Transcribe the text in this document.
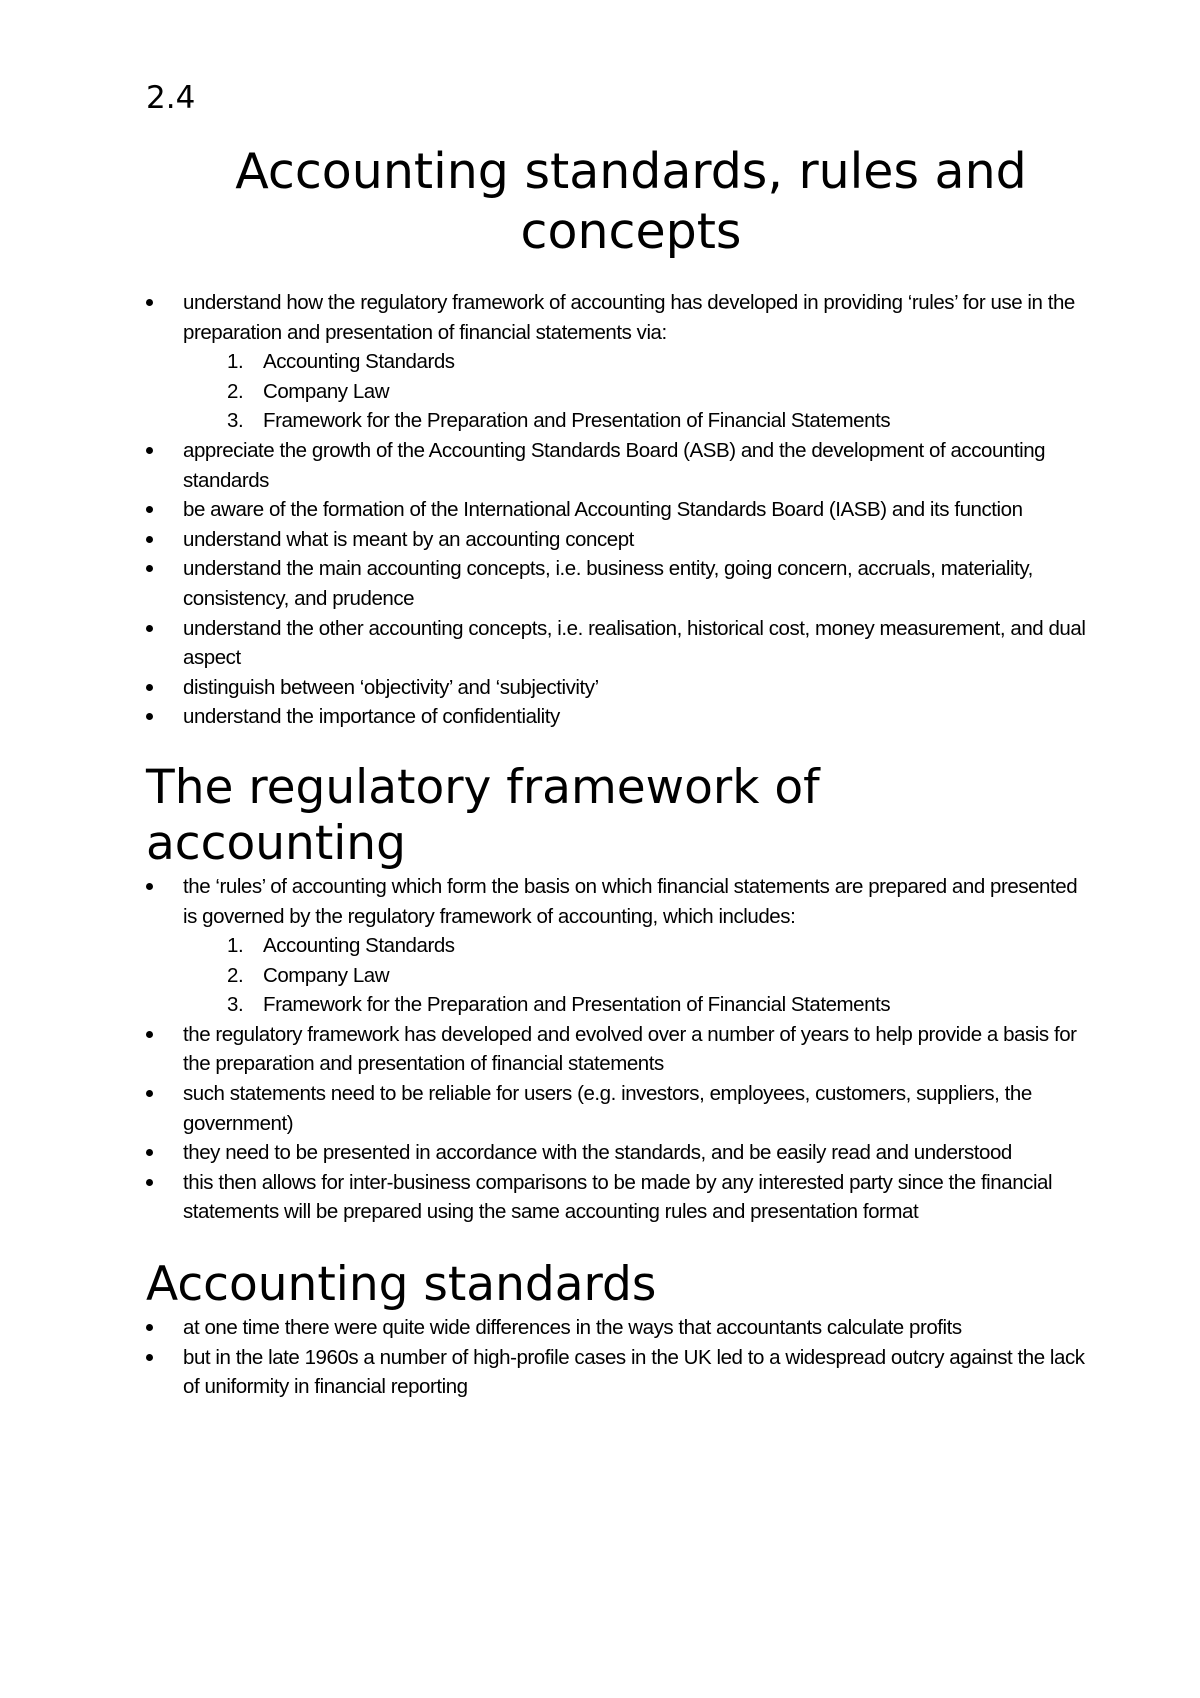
2.4
Accounting standards, rules and
concepts
understand how the regulatory framework of accounting has developed in providing ‘rules’ for use in the preparation and presentation of financial statements via:
1. Accounting Standards
2. Company Law
3. Framework for the Preparation and Presentation of Financial Statements
appreciate the growth of the Accounting Standards Board (ASB) and the development of accounting standards
be aware of the formation of the International Accounting Standards Board (IASB) and its function
understand what is meant by an accounting concept
understand the main accounting concepts, i.e. business entity, going concern, accruals, materiality, consistency, and prudence
understand the other accounting concepts, i.e. realisation, historical cost, money measurement, and dual aspect
distinguish between ‘objectivity’ and ‘subjectivity’
understand the importance of confidentiality
The regulatory framework of
accounting
the ‘rules’ of accounting which form the basis on which financial statements are prepared and presented is governed by the regulatory framework of accounting, which includes:
1. Accounting Standards
2. Company Law
3. Framework for the Preparation and Presentation of Financial Statements
the regulatory framework has developed and evolved over a number of years to help provide a basis for the preparation and presentation of financial statements
such statements need to be reliable for users (e.g. investors, employees, customers, suppliers, the government)
they need to be presented in accordance with the standards, and be easily read and understood
this then allows for inter-business comparisons to be made by any interested party since the financial statements will be prepared using the same accounting rules and presentation format
Accounting standards
at one time there were quite wide differences in the ways that accountants calculate profits
but in the late 1960s a number of high-profile cases in the UK led to a widespread outcry against the lack of uniformity in financial reporting
